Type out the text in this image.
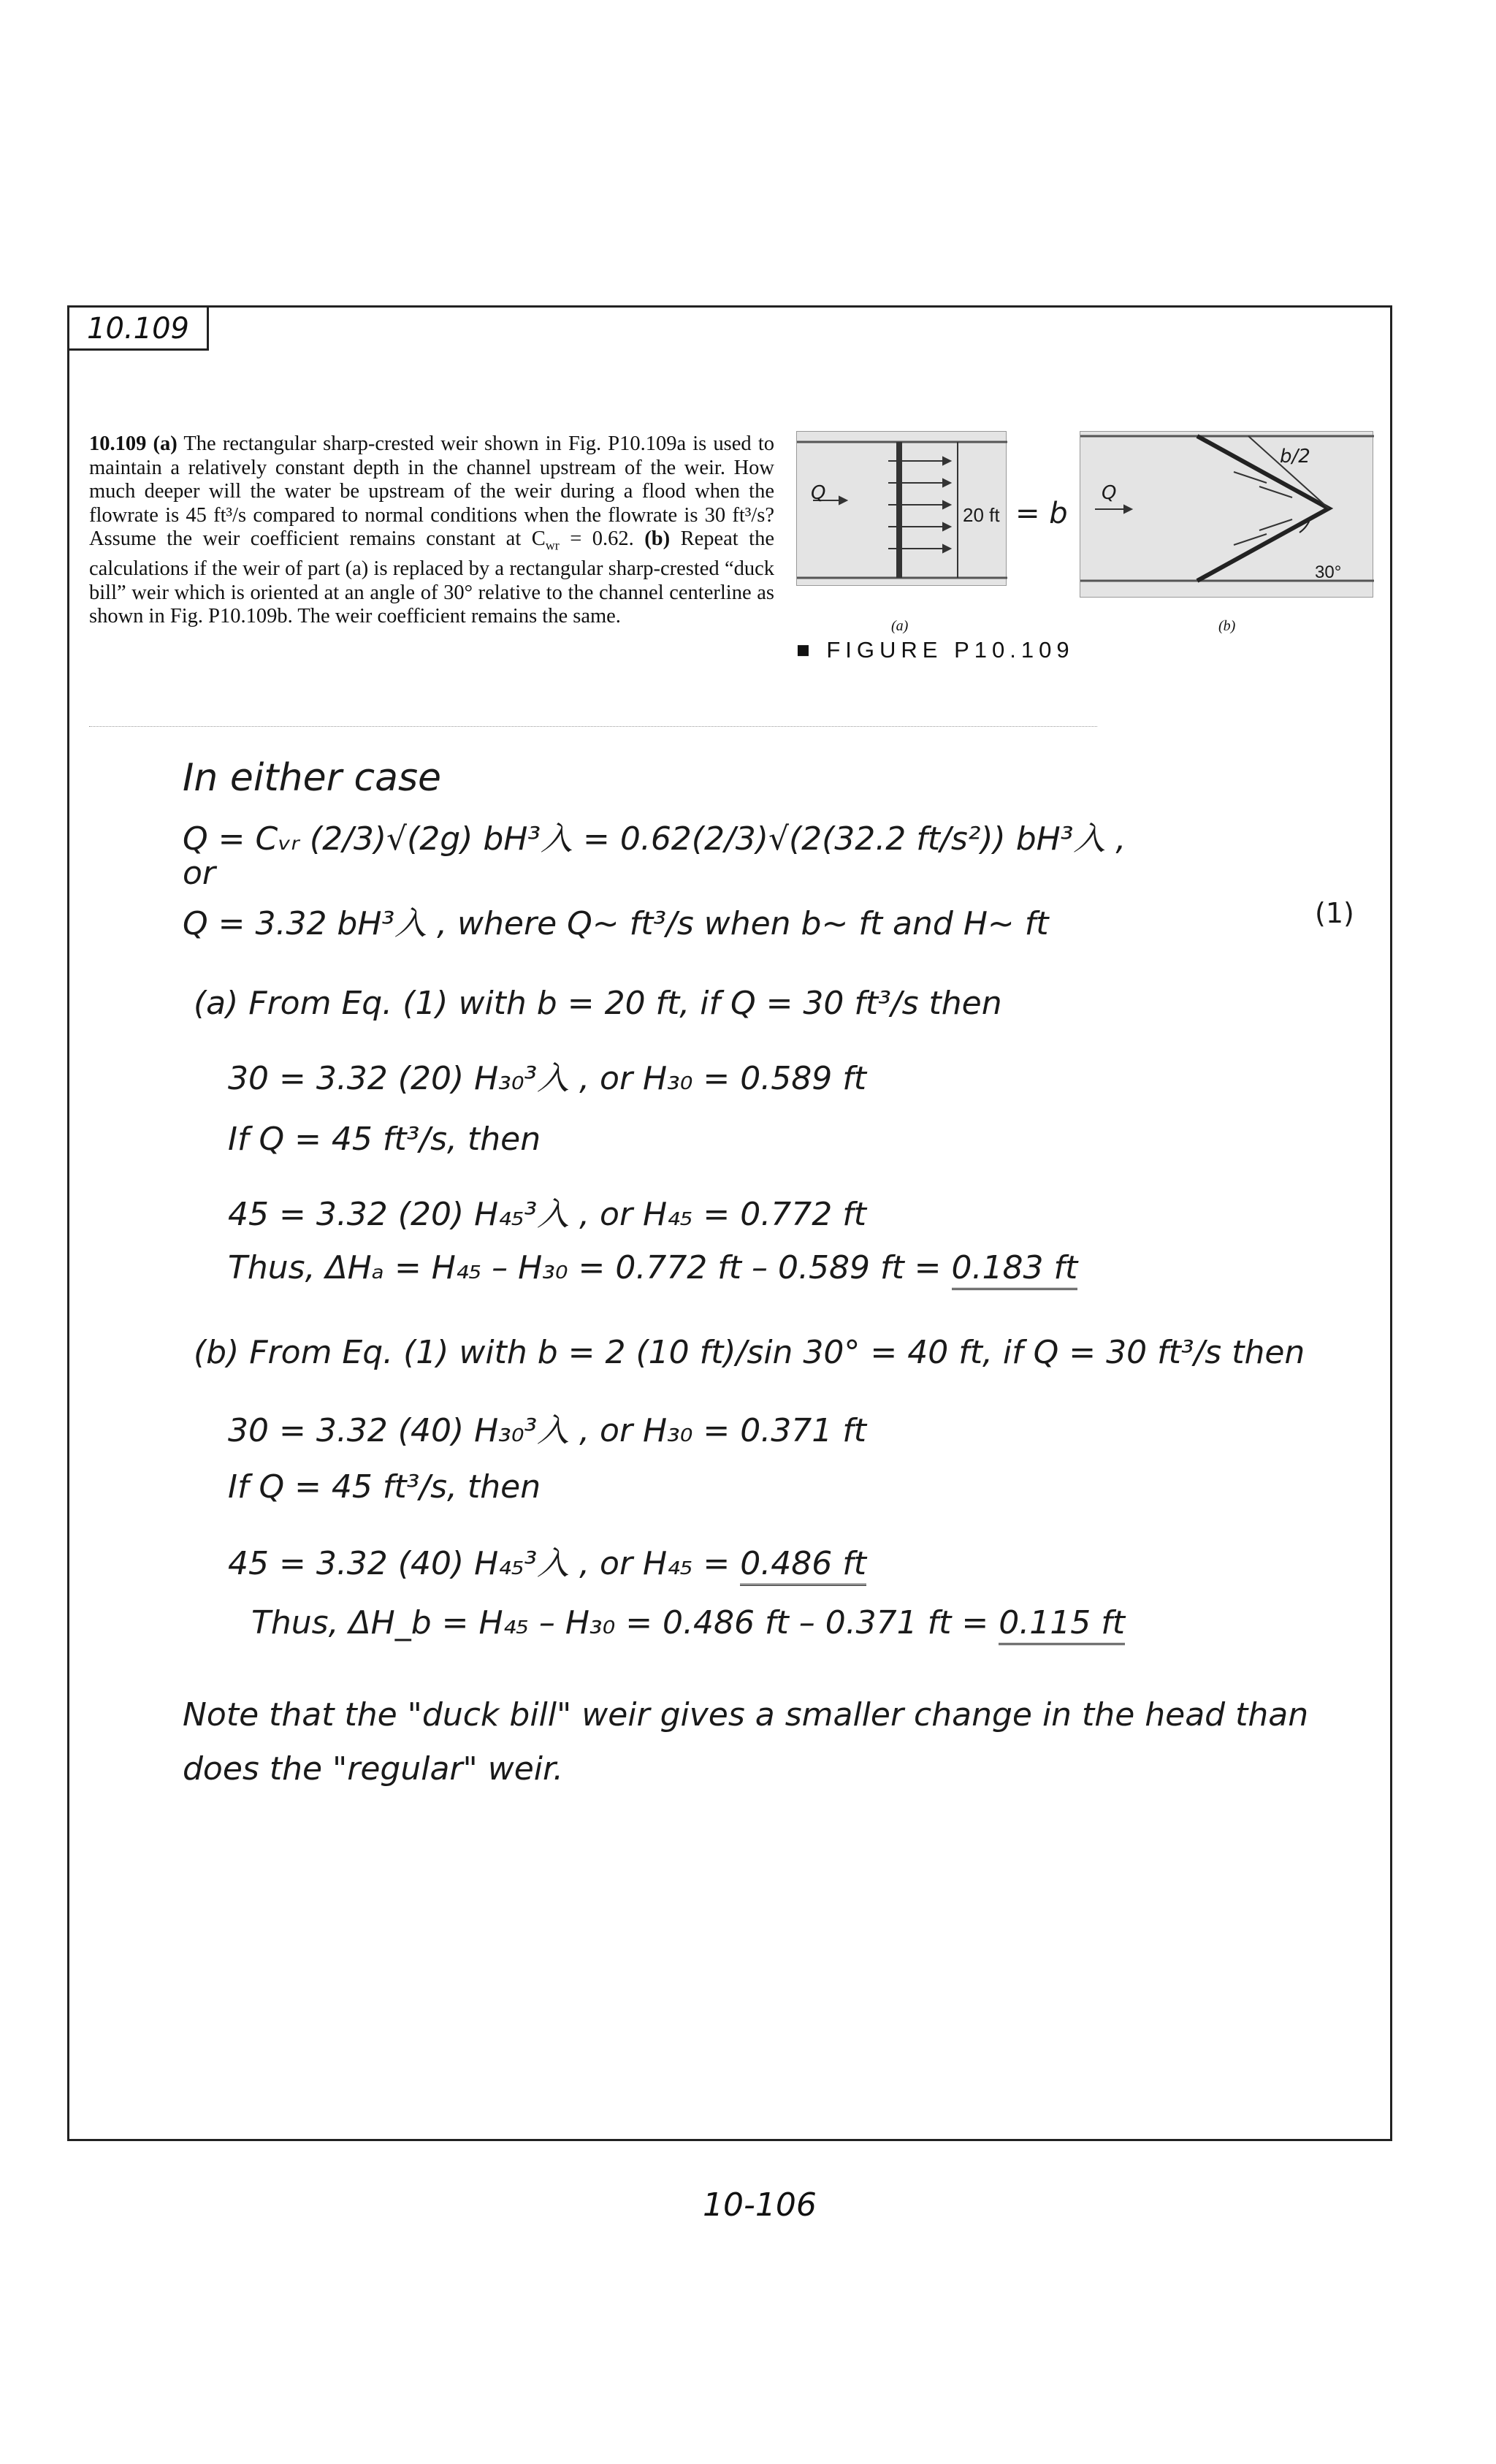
10.109
10.109 (a) The rectangular sharp-crested weir shown in Fig. P10.109a is used to maintain a relatively constant depth in the channel upstream of the weir. How much deeper will the water be upstream of the weir during a flood when the flowrate is 45 ft³/s compared to normal conditions when the flowrate is 30 ft³/s? Assume the weir coefficient remains constant at $C_{wr} = 0.62$. (b) Repeat the calculations if the weir of part (a) is replaced by a rectangular sharp-crested “duck bill” weir which is oriented at an angle of 30° relative to the channel centerline as shown in Fig. P10.109b. The weir coefficient remains the same.
Q
20 ft = b
(a)
Q
b/2
30°
(b)
■ FIGURE P10.109
In either case
Q = Cᵥᵣ (2/3)√(2g) bH³⼊ = 0.62(2/3)√(2(32.2 ft/s²)) bH³⼊ ,
or
Q = 3.32 bH³⼊ , where Q~ ft³/s when b~ ft and H~ ft	(1)
(a) From Eq. (1) with b = 20 ft, if Q = 30 ft³/s then
30 = 3.32 (20) H₃₀³⼊ , or H₃₀ = 0.589 ft
If Q = 45 ft³/s, then
45 = 3.32 (20) H₄₅³⼊ , or H₄₅ = 0.772 ft
Thus, ΔHₐ = H₄₅ – H₃₀ = 0.772 ft – 0.589 ft = 0.183 ft
(b) From Eq. (1) with b = 2 (10 ft)/sin 30° = 40 ft, if Q = 30 ft³/s then
30 = 3.32 (40) H₃₀³⼊ , or H₃₀ = 0.371 ft
If Q = 45 ft³/s, then
45 = 3.32 (40) H₄₅³⼊ , or H₄₅ = 0.486 ft
Thus, ΔH_b = H₄₅ – H₃₀ = 0.486 ft – 0.371 ft = 0.115 ft
Note that the "duck bill" weir gives a smaller change in the head than
does the "regular" weir.
10-106
